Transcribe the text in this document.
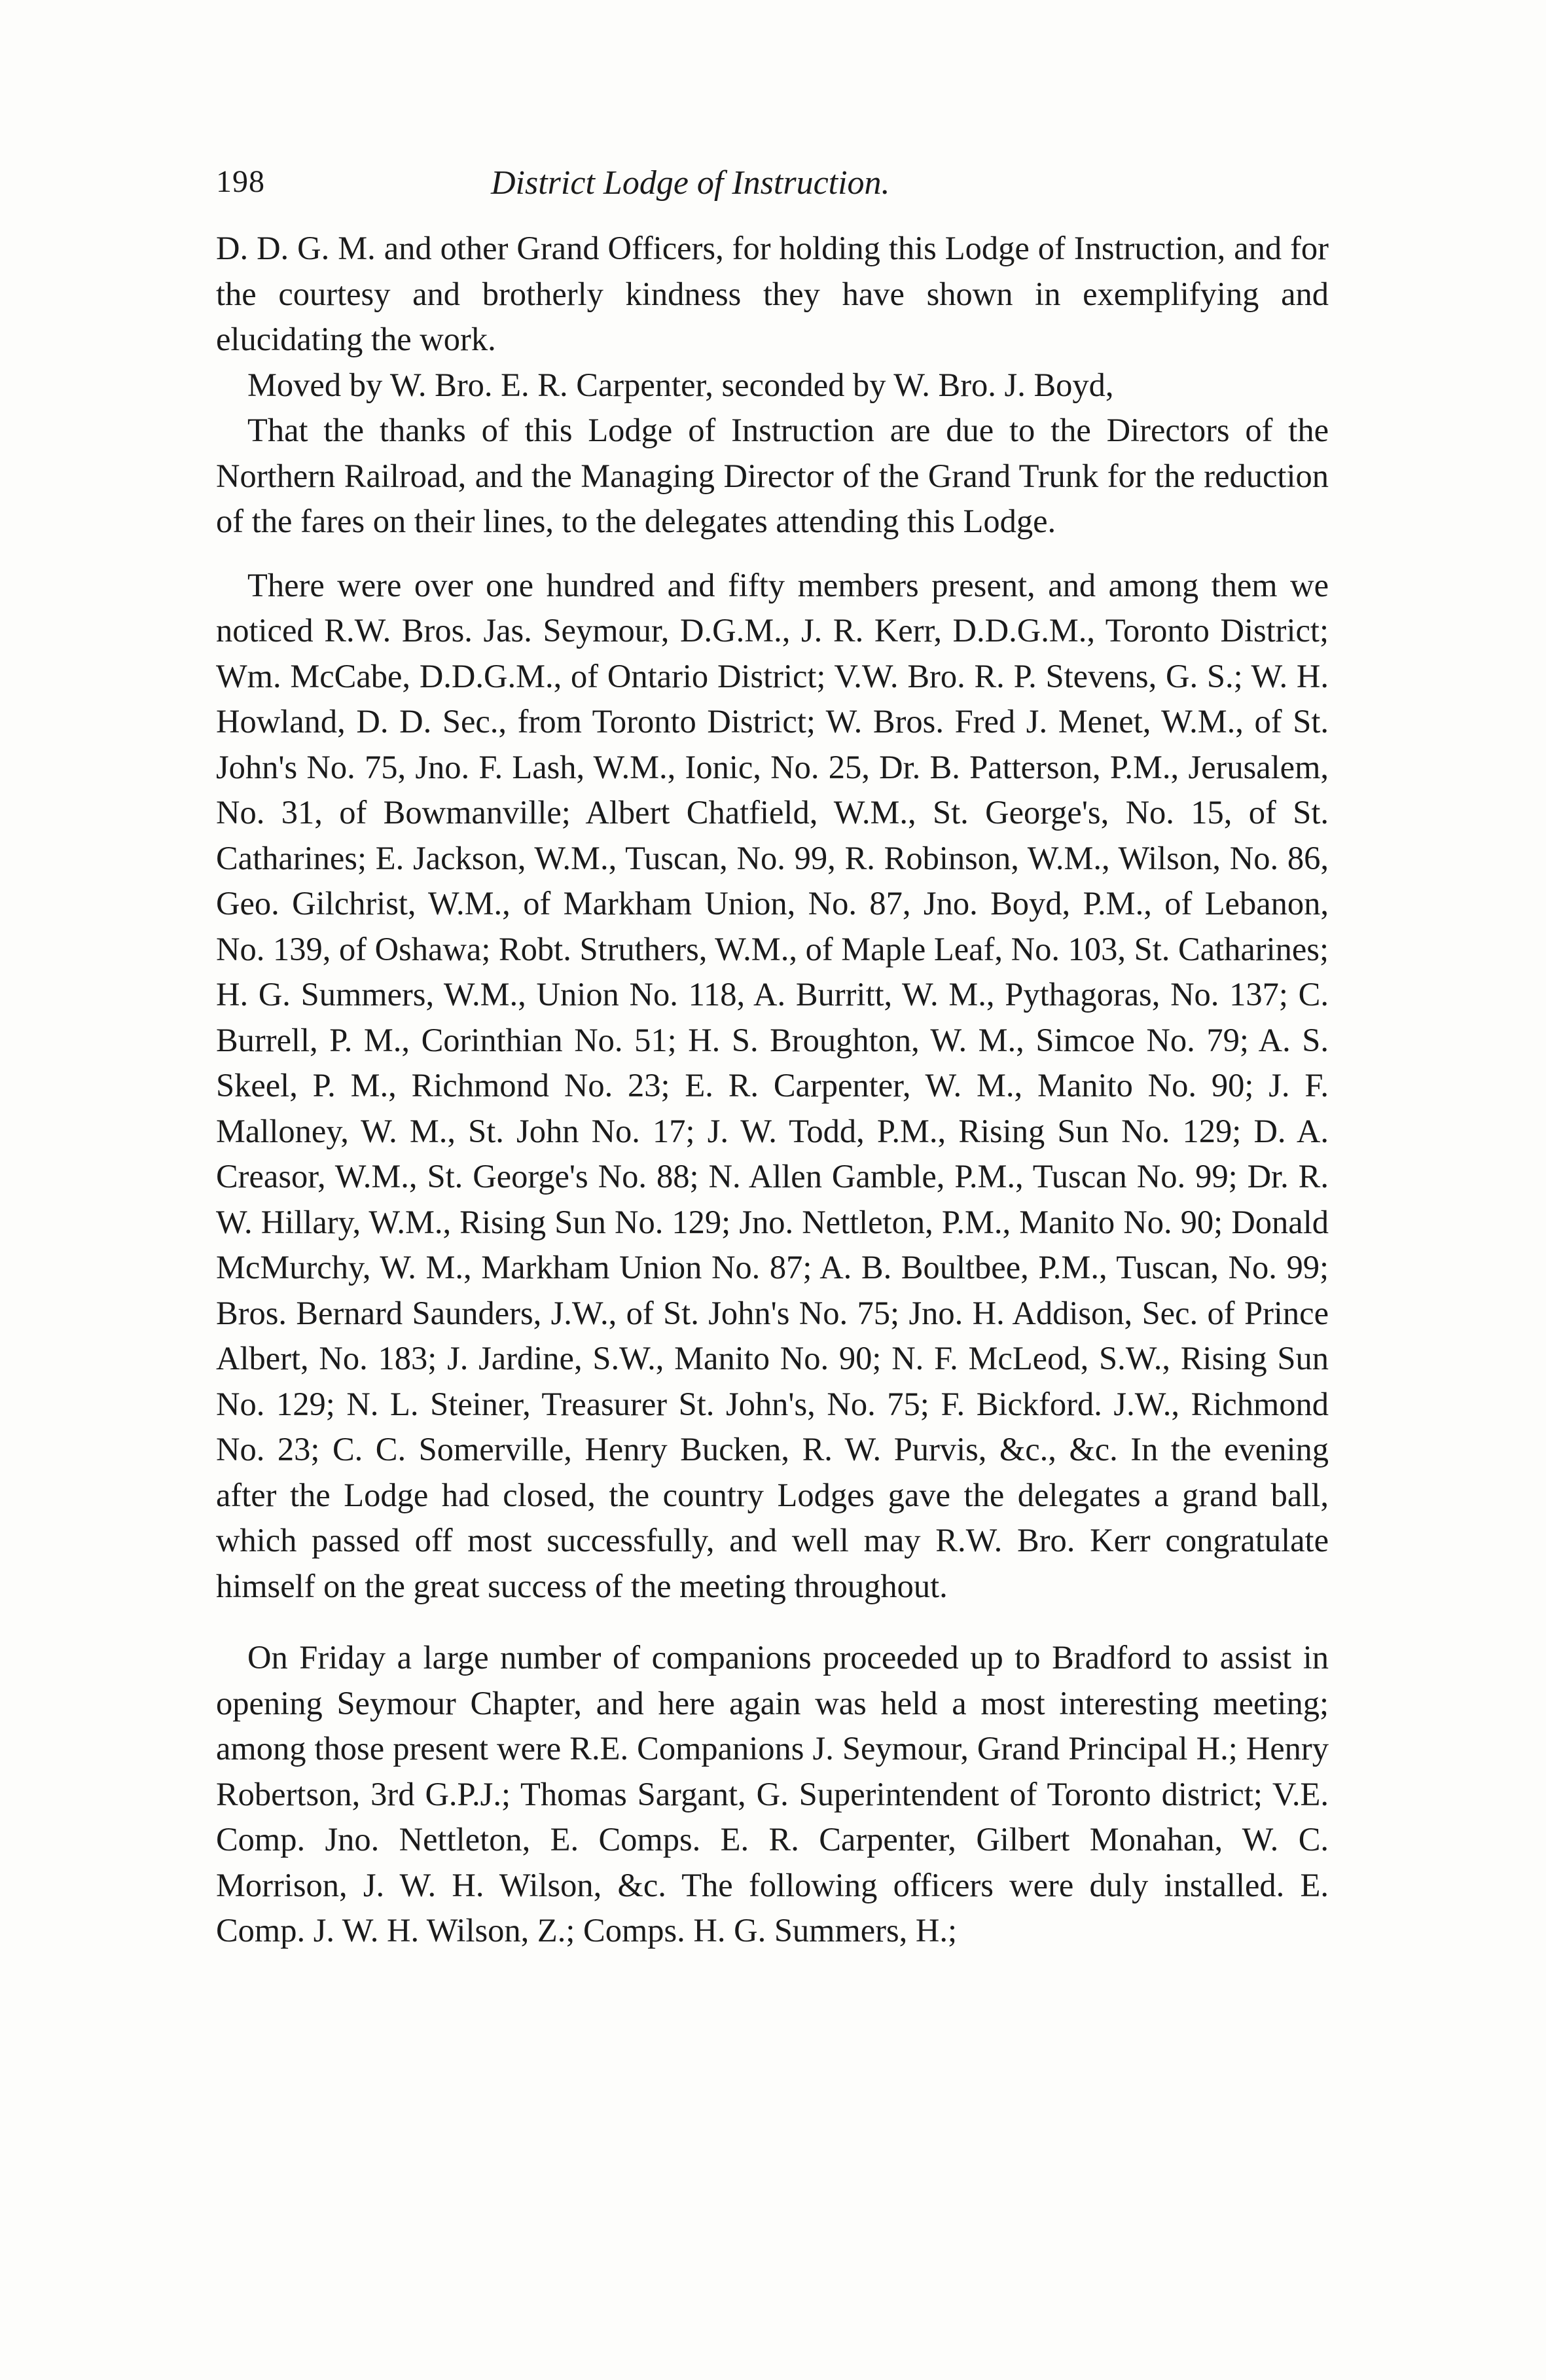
198	District Lodge of Instruction.

D. D. G. M. and other Grand Officers, for holding this Lodge of Instruction, and for the courtesy and brotherly kindness they have shown in exemplifying and elucidating the work.

Moved by W. Bro. E. R. Carpenter, seconded by W. Bro. J. Boyd,

That the thanks of this Lodge of Instruction are due to the Directors of the Northern Railroad, and the Managing Director of the Grand Trunk for the reduction of the fares on their lines, to the delegates attending this Lodge.

There were over one hundred and fifty members present, and among them we noticed R.W. Bros. Jas. Seymour, D.G.M., J. R. Kerr, D.D.G.M., Toronto District; Wm. McCabe, D.D.G.M., of Ontario District; V.W. Bro. R. P. Stevens, G. S.; W. H. Howland, D. D. Sec., from Toronto District; W. Bros. Fred J. Menet, W.M., of St. John's No. 75, Jno. F. Lash, W.M., Ionic, No. 25, Dr. B. Patterson, P.M., Jerusalem, No. 31, of Bowmanville; Albert Chatfield, W.M., St. George's, No. 15, of St. Catharines; E. Jackson, W.M., Tuscan, No. 99, R. Robinson, W.M., Wilson, No. 86, Geo. Gilchrist, W.M., of Markham Union, No. 87, Jno. Boyd, P.M., of Lebanon, No. 139, of Oshawa; Robt. Struthers, W.M., of Maple Leaf, No. 103, St. Catharines; H. G. Summers, W.M., Union No. 118, A. Burritt, W. M., Pythagoras, No. 137; C. Burrell, P. M., Corinthian No. 51; H. S. Broughton, W. M., Simcoe No. 79; A. S. Skeel, P. M., Richmond No. 23; E. R. Carpenter, W. M., Manito No. 90; J. F. Malloney, W. M., St. John No. 17; J. W. Todd, P.M., Rising Sun No. 129; D. A. Creasor, W.M., St. George's No. 88; N. Allen Gamble, P.M., Tuscan No. 99; Dr. R. W. Hillary, W.M., Rising Sun No. 129; Jno. Nettleton, P.M., Manito No. 90; Donald McMurchy, W. M., Markham Union No. 87; A. B. Boultbee, P.M., Tuscan, No. 99; Bros. Bernard Saunders, J.W., of St. John's No. 75; Jno. H. Addison, Sec. of Prince Albert, No. 183; J. Jardine, S.W., Manito No. 90; N. F. McLeod, S.W., Rising Sun No. 129; N. L. Steiner, Treasurer St. John's, No. 75; F. Bickford. J.W., Richmond No. 23; C. C. Somerville, Henry Bucken, R. W. Purvis, &c., &c. In the evening after the Lodge had closed, the country Lodges gave the delegates a grand ball, which passed off most successfully, and well may R.W. Bro. Kerr congratulate himself on the great success of the meeting throughout.

On Friday a large number of companions proceeded up to Bradford to assist in opening Seymour Chapter, and here again was held a most interesting meeting; among those present were R.E. Companions J. Seymour, Grand Principal H.; Henry Robertson, 3rd G.P.J.; Thomas Sargant, G. Superintendent of Toronto district; V.E. Comp. Jno. Nettleton, E. Comps. E. R. Carpenter, Gilbert Monahan, W. C. Morrison, J. W. H. Wilson, &c. The following officers were duly installed. E. Comp. J. W. H. Wilson, Z.; Comps. H. G. Summers, H.;
